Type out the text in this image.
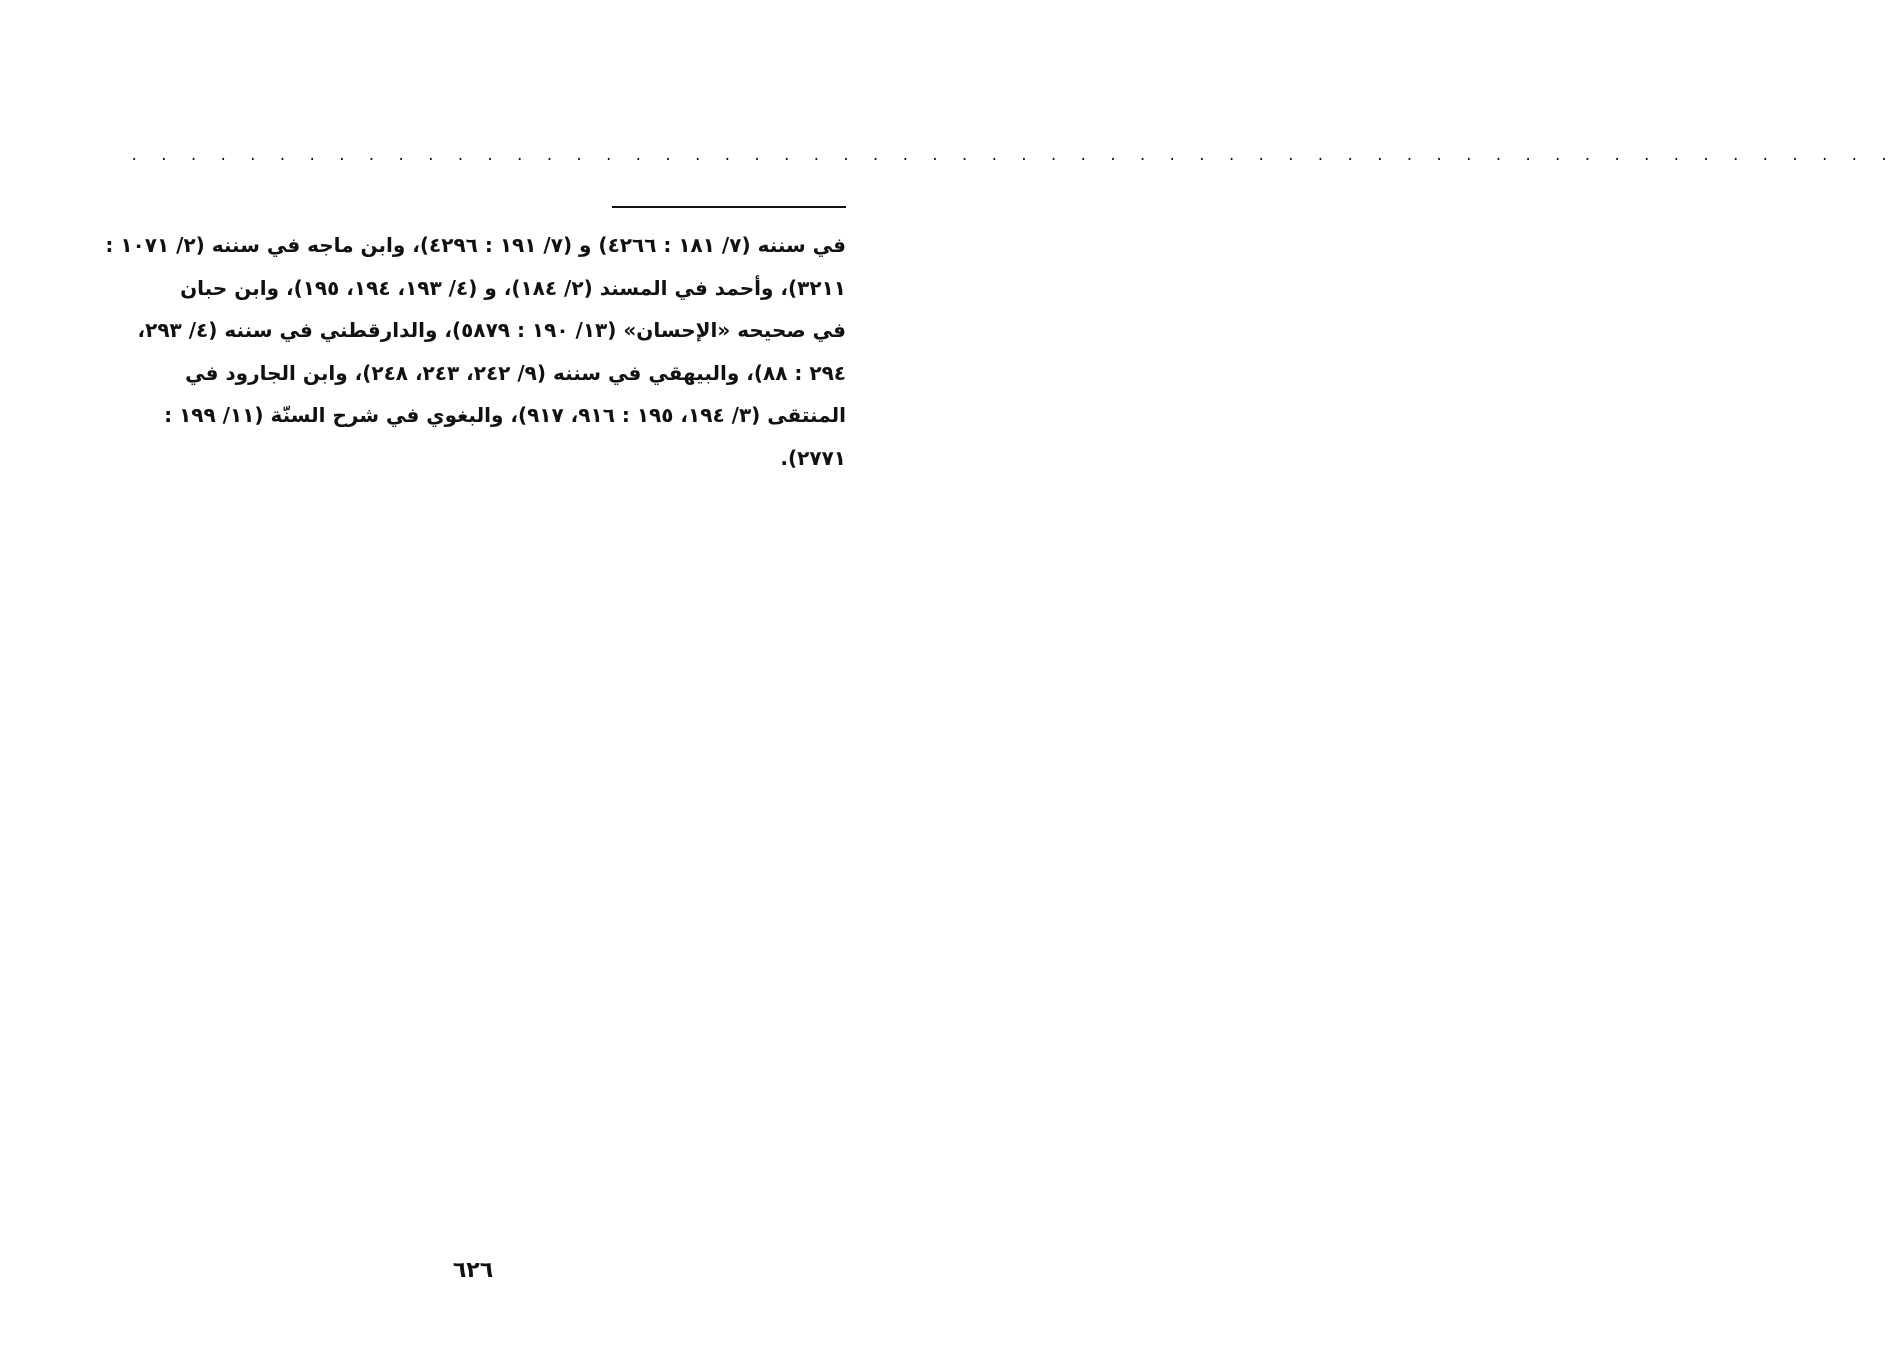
. . . . . . . . . . . . . . . . . . . . . . . . . . . . . . . . . . . . . . . . . . . . . . . . . . . . . . . . . . . .
في سننه (٧/ ١٨١ : ٤٢٦٦) و (٧/ ١٩١ : ٤٢٩٦)، وابن ماجه في سننه (٢/ ١٠٧١ :
٣٢١١)، وأحمد في المسند (٢/ ١٨٤)، و (٤/ ١٩٣، ١٩٤، ١٩٥)، وابن حبان
في صحيحه «الإحسان» (١٣/ ١٩٠ : ٥٨٧٩)، والدارقطني في سننه (٤/ ٢٩٣،
٢٩٤ : ٨٨)، والبيهقي في سننه (٩/ ٢٤٢، ٢٤٣، ٢٤٨)، وابن الجارود في
المنتقى (٣/ ١٩٤، ١٩٥ : ٩١٦، ٩١٧)، والبغوي في شرح السنّة (١١/ ١٩٩ :
٢٧٧١).
٦٢٦
